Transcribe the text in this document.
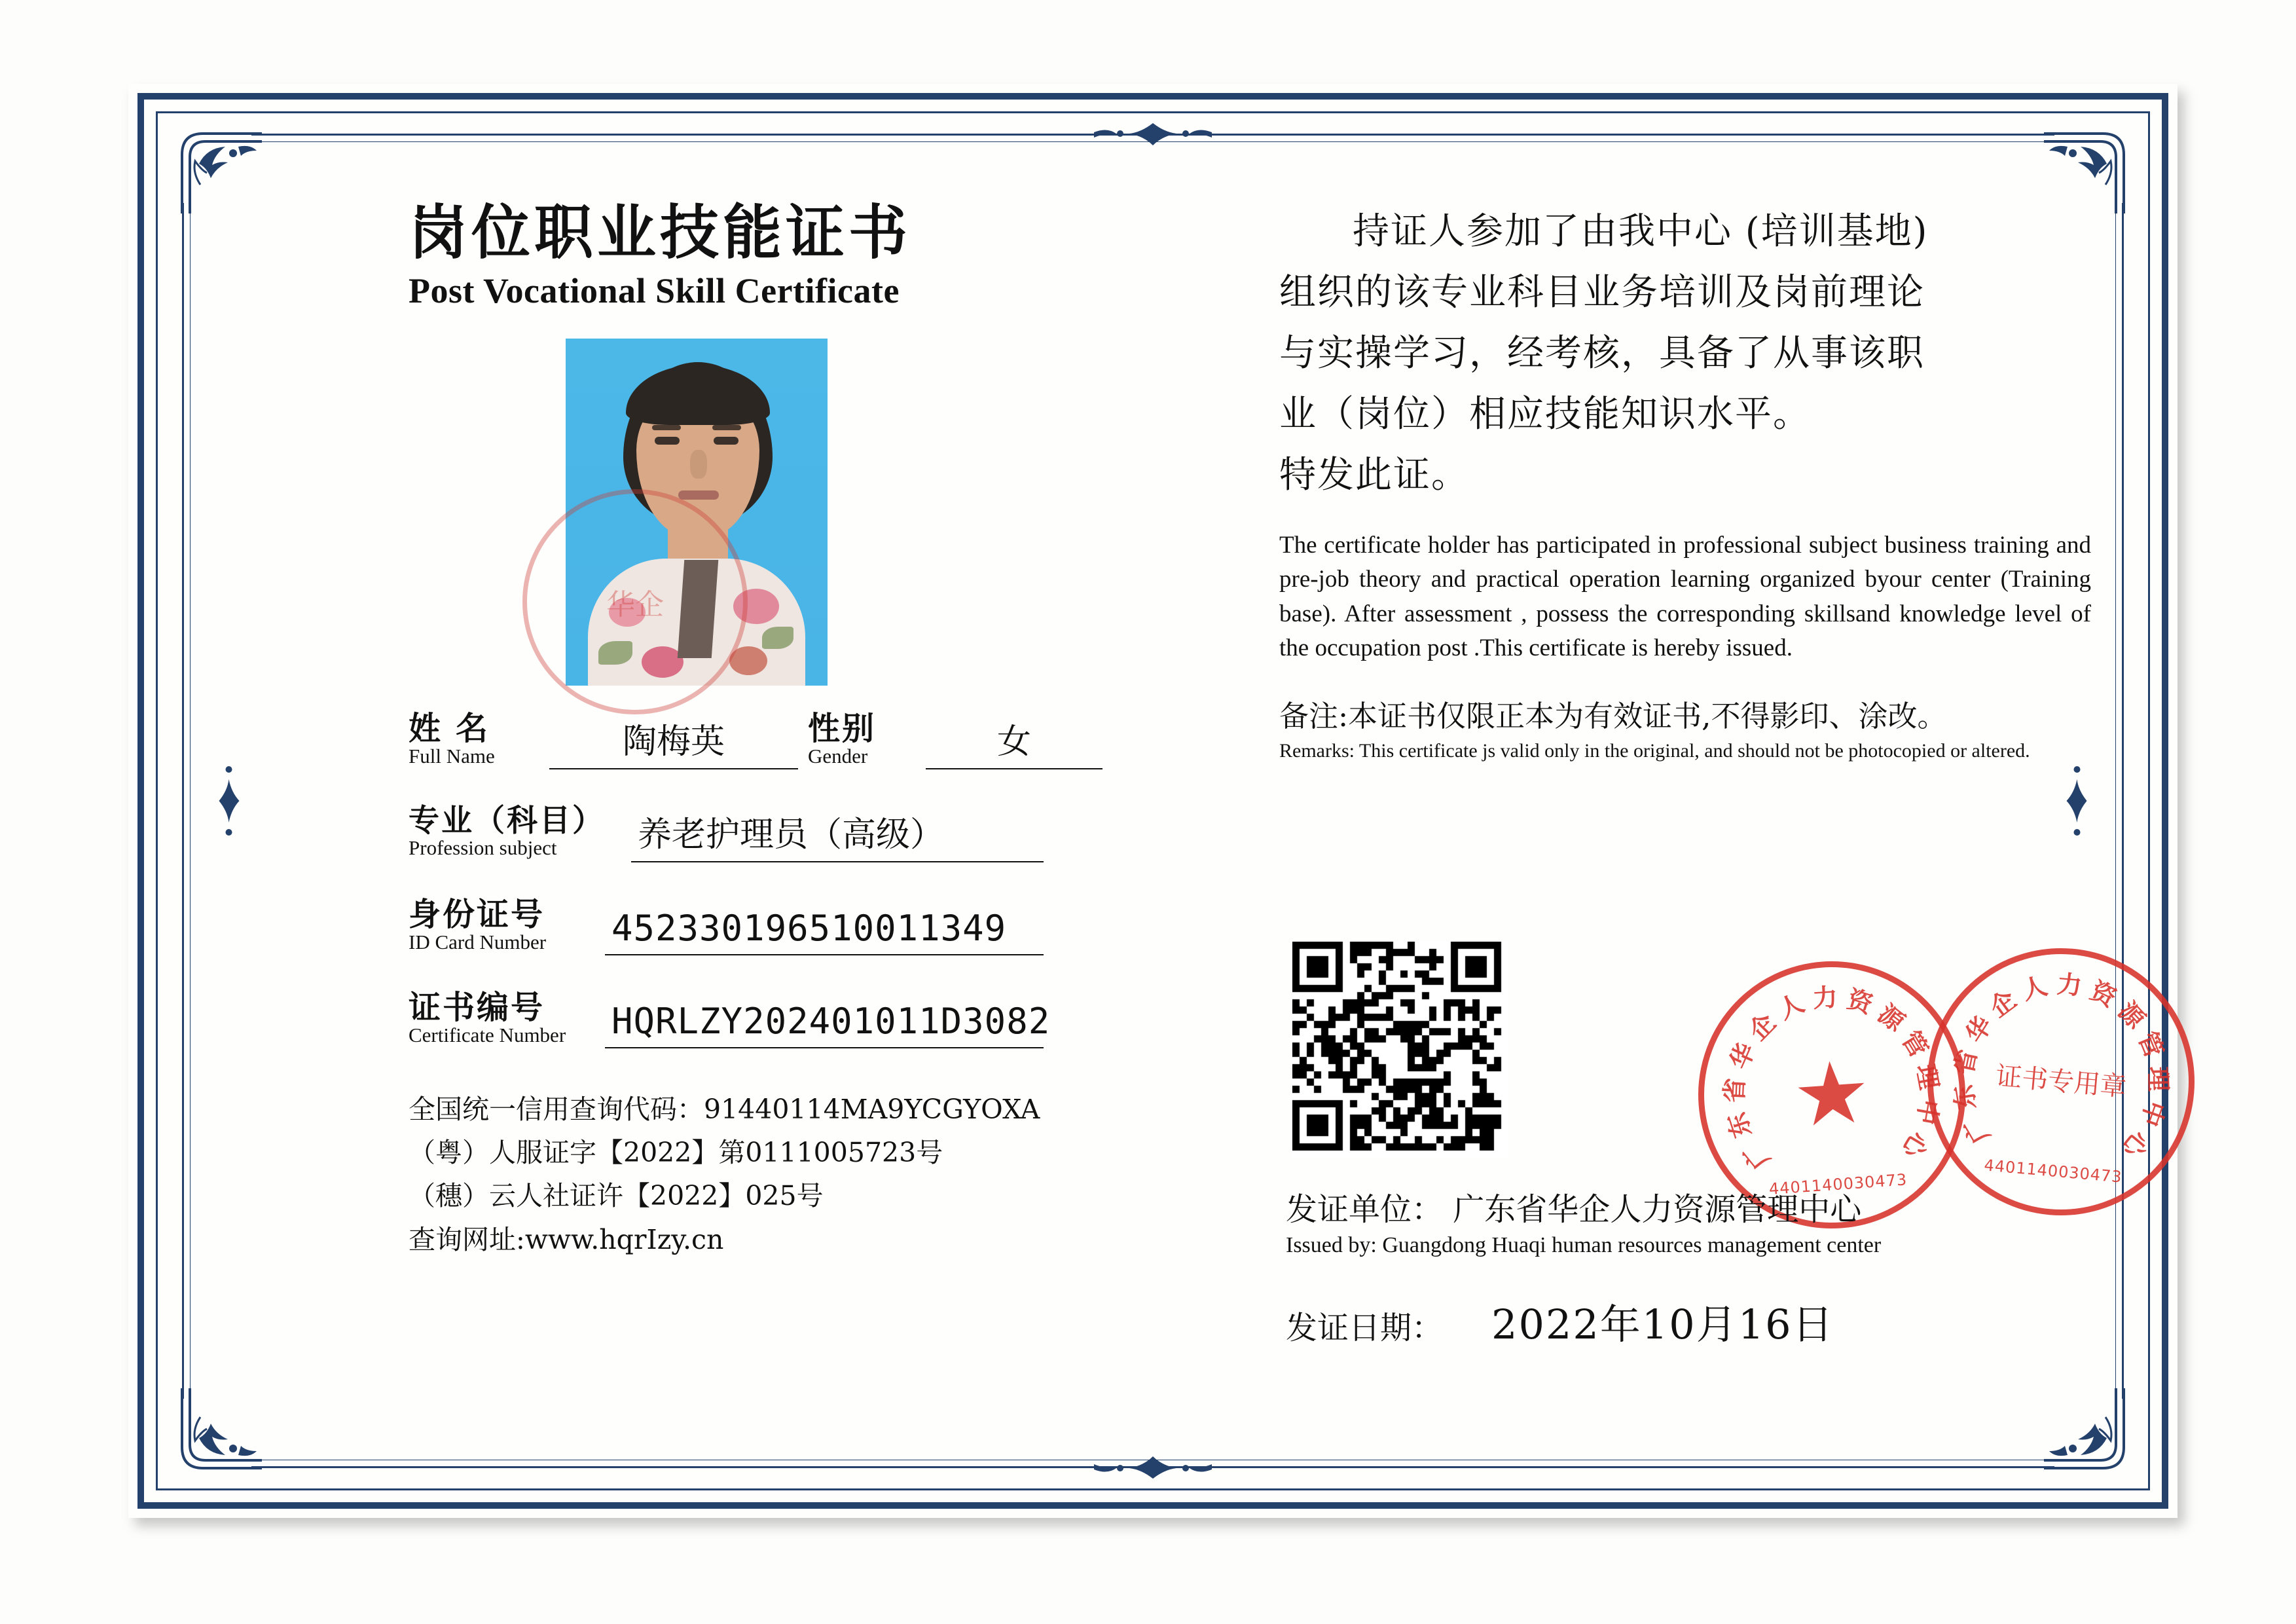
岗位职业技能证书
Post Vocational Skill Certificate
华企
姓 名
Full Name	陶梅英	性别
Gender	女
专业（科目）
Profession subject	养老护理员（高级）
身份证号
ID Card Number	452330196510011349
证书编号
Certificate Number	HQRLZY202401011D3082
全国统一信用查询代码：91440114MA9YCGYOXA
（粤）人服证字【2022】第0111005723号
（穗）云人社证许【2022】025号
查询网址:www.hqrIzy.cn
持证人参加了由我中心 (培训基地)
组织的该专业科目业务培训及岗前理论
与实操学习，经考核，具备了从事该职
业（岗位）相应技能知识水平。
特发此证。
The certificate holder has participated in professional subject business training and pre-job theory and practical operation learning organized byour center (Training base). After assessment , possess the corresponding skillsand knowledge level of the occupation post .This certificate is hereby issued.
备注:本证书仅限正本为有效证书,不得影印、涂改。
Remarks: This certificate js valid only in the original, and should not be photocopied or altered.
广
东
省
华
企
人 力 资
源
管
理
中
心
★
4401140030473
广
东
省
华
企
人 力 资
源
管
理
中
心
证书专用章
4401140030473
发证单位： 广东省华企人力资源管理中心
Issued by: Guangdong Huaqi human resources management center
发证日期： 2022年10月16日
